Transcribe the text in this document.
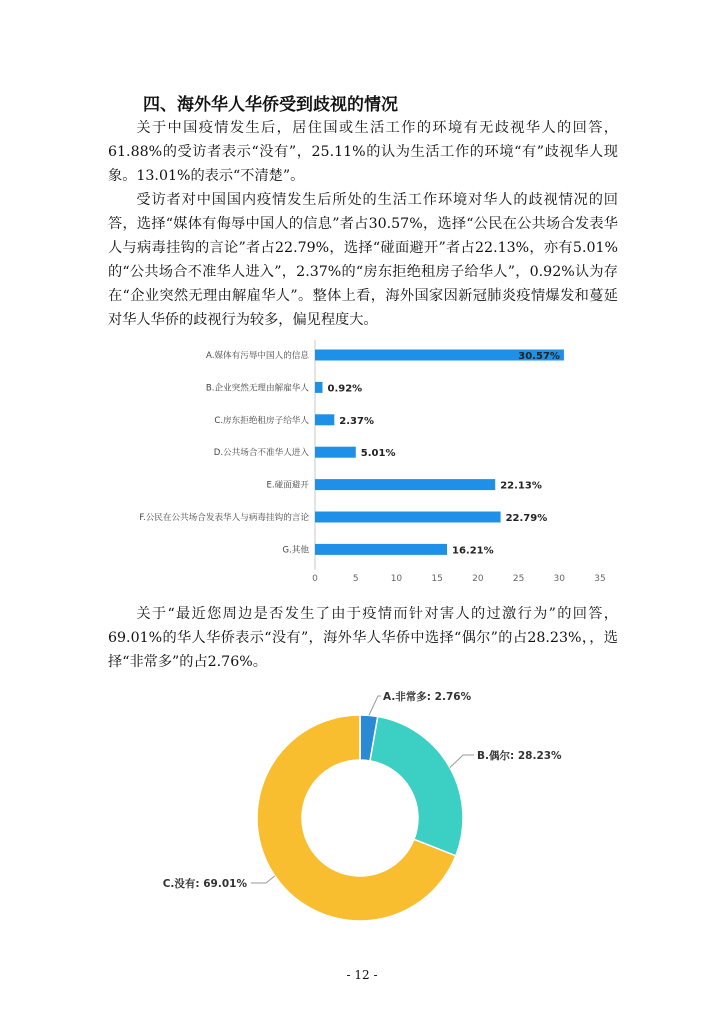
四、海外华人华侨受到歧视的情况

关于中国疫情发生后，居住国或生活工作的环境有无歧视华人的回答，61.88%的受访者表示“没有”，25.11%的认为生活工作的环境“有”歧视华人现象。13.01%的表示“不清楚”。

受访者对中国国内疫情发生后所处的生活工作环境对华人的歧视情况的回答，选择“媒体有侮辱中国人的信息”者占30.57%，选择“公民在公共场合发表华人与病毒挂钩的言论”者占22.79%，选择“碰面避开”者占22.13%，亦有5.01%的“公共场合不准华人进入”，2.37%的“房东拒绝租房子给华人”，0.92%认为存在“企业突然无理由解雇华人”。整体上看，海外国家因新冠肺炎疫情爆发和蔓延对华人华侨的歧视行为较多，偏见程度大。

A.媒体有污辱中国人的信息	30.57%
B.企业突然无理由解雇华人 0.92%
C.房东拒绝租房子给华人	2.37%
D.公共场合不准华人进入	5.01%
E.碰面避开	22.13%
F.公民在公共场合发表华人与病毒挂钩的言论	22.79%
G.其他	16.21%
0	5	10	15	20	25	30	35

关于“最近您周边是否发生了由于疫情而针对害人的过激行为”的回答，69.01%的华人华侨表示“没有”，海外华人华侨中选择“偶尔”的占28.23%，，选择“非常多”的占2.76%。

A.非常多: 2.76%
B.偶尔: 28.23%
C.没有: 69.01%

- 12 -
